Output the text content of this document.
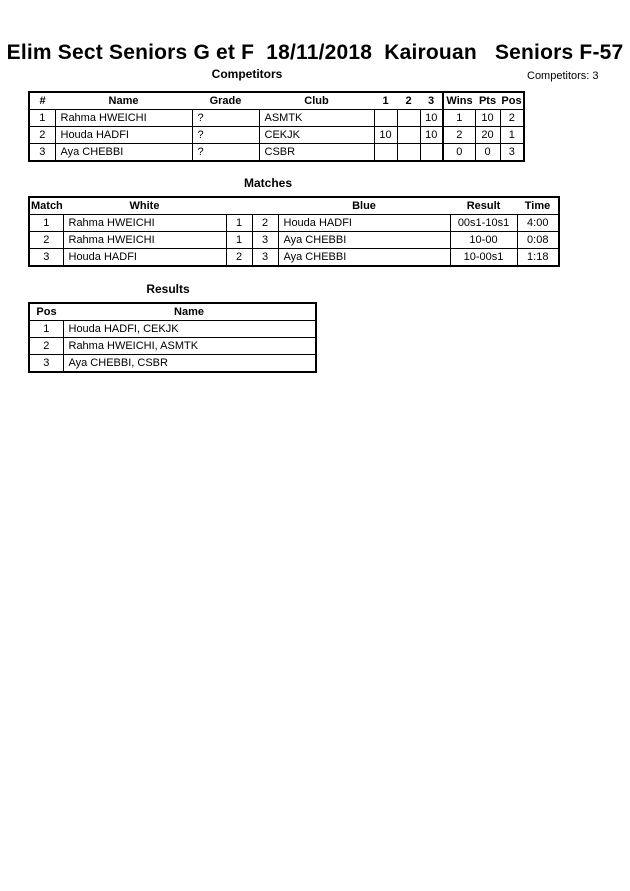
Elim Sect Seniors G et F  18/11/2018  Kairouan   Seniors F-57
Competitors	Competitors: 3
#	Name	Grade	Club	1	2	3	Wins	Pts	Pos
1	Rahma HWEICHI	?	ASMTK			10	1	10	2
2	Houda HADFI	?	CEKJK	10		10	2	20	1
3	Aya CHEBBI	?	CSBR				0	0	3
Matches
Match	White			Blue	Result	Time
1	Rahma HWEICHI	1	2	Houda HADFI	00s1-10s1	4:00
2	Rahma HWEICHI	1	3	Aya CHEBBI	10-00	0:08
3	Houda HADFI	2	3	Aya CHEBBI	10-00s1	1:18
Results
Pos	Name
1	Houda HADFI, CEKJK
2	Rahma HWEICHI, ASMTK
3	Aya CHEBBI, CSBR
